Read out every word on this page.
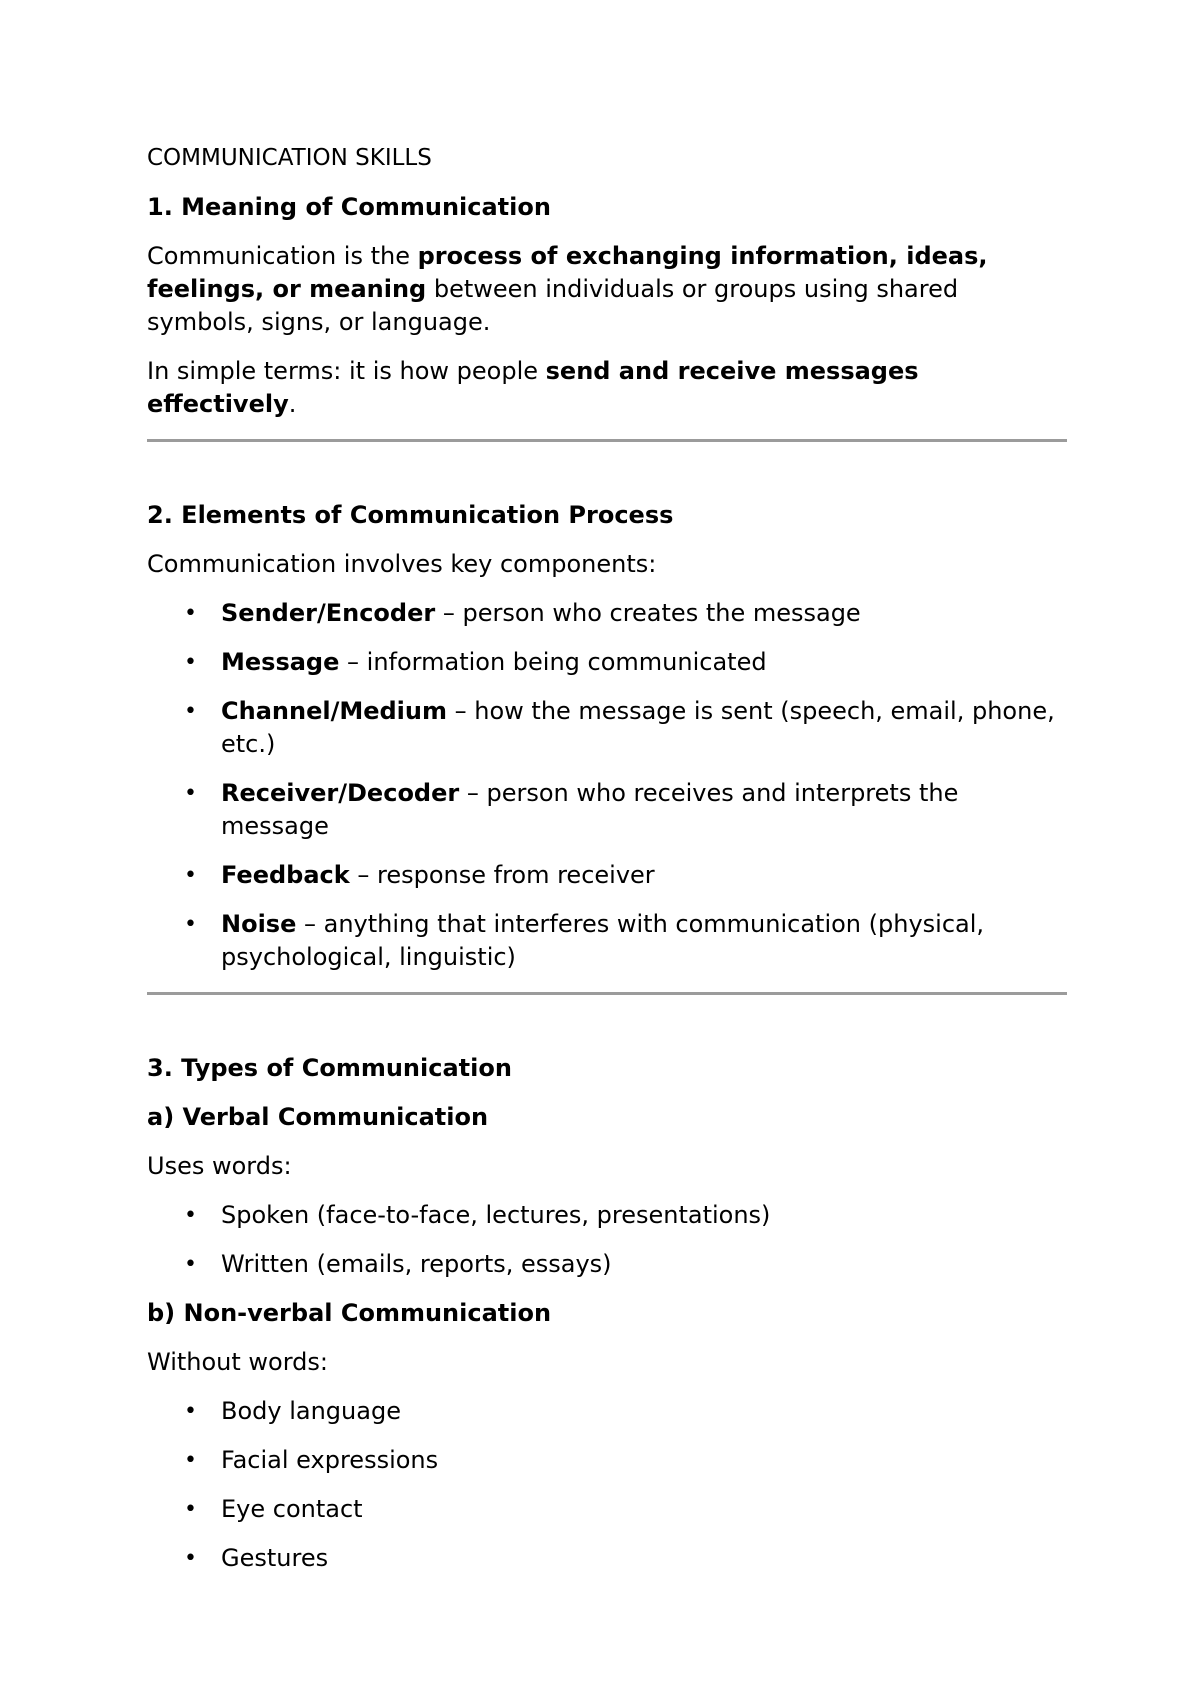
COMMUNICATION SKILLS
1. Meaning of Communication

Communication is the process of exchanging information, ideas, feelings, or meaning between individuals or groups using shared symbols, signs, or language.

In simple terms: it is how people send and receive messages effectively.

2. Elements of Communication Process

Communication involves key components:

• Sender/Encoder – person who creates the message
• Message – information being communicated
• Channel/Medium – how the message is sent (speech, email, phone, etc.)
• Receiver/Decoder – person who receives and interprets the message
• Feedback – response from receiver
• Noise – anything that interferes with communication (physical, psychological, linguistic)
3. Types of Communication
a) Verbal Communication

Uses words:

• Spoken (face-to-face, lectures, presentations)
• Written (emails, reports, essays)
b) Non-verbal Communication

Without words:

• Body language
• Facial expressions
• Eye contact
• Gestures
